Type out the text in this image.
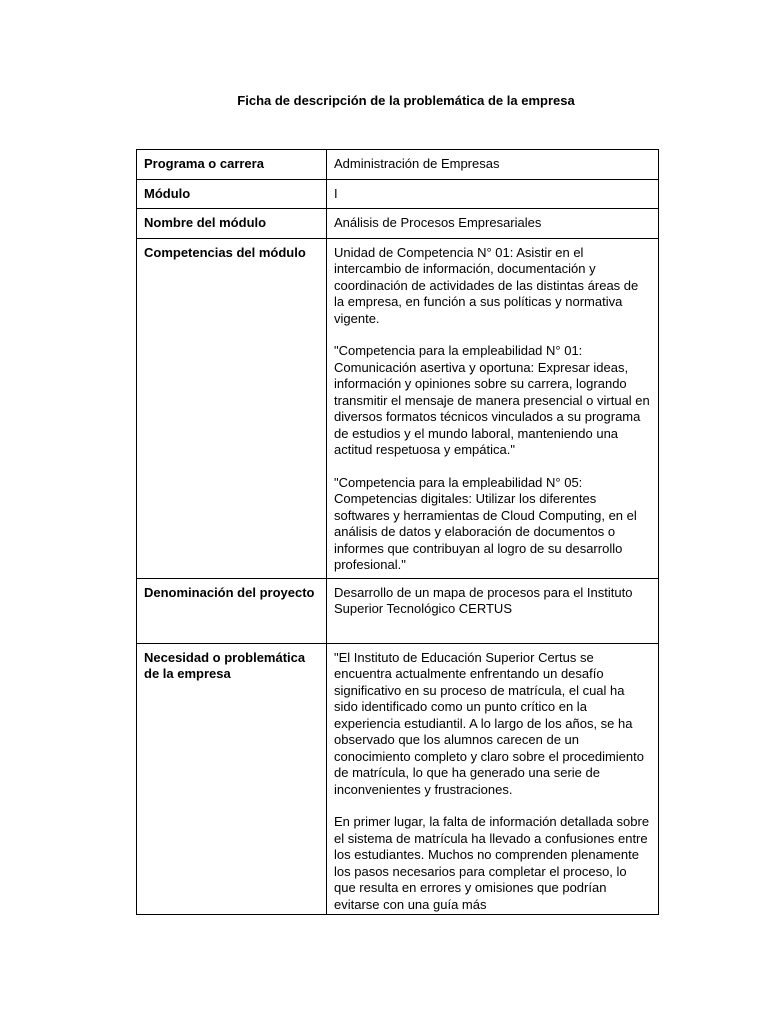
Ficha de descripción de la problemática de la empresa
Programa o carrera	Administración de Empresas
Módulo	I
Nombre del módulo	Análisis de Procesos Empresariales
Competencias del módulo	Unidad de Competencia N° 01: Asistir en el intercambio de información, documentación y coordinación de actividades de las distintas áreas de la empresa, en función a sus políticas y normativa vigente.

"Competencia para la empleabilidad N° 01: Comunicación asertiva y oportuna: Expresar ideas, información y opiniones sobre su carrera, logrando transmitir el mensaje de manera presencial o virtual en diversos formatos técnicos vinculados a su programa de estudios y el mundo laboral, manteniendo una actitud respetuosa y empática."

"Competencia para la empleabilidad N° 05: Competencias digitales: Utilizar los diferentes softwares y herramientas de Cloud Computing, en el análisis de datos y elaboración de documentos o informes que contribuyan al logro de su desarrollo profesional."

Denominación del proyecto	Desarrollo de un mapa de procesos para el Instituto Superior Tecnológico CERTUS
Necesidad o problemática de la empresa	"El Instituto de Educación Superior Certus se encuentra actualmente enfrentando un desafío significativo en su proceso de matrícula, el cual ha sido identificado como un punto crítico en la experiencia estudiantil. A lo largo de los años, se ha observado que los alumnos carecen de un conocimiento completo y claro sobre el procedimiento de matrícula, lo que ha generado una serie de inconvenientes y frustraciones.

En primer lugar, la falta de información detallada sobre el sistema de matrícula ha llevado a confusiones entre los estudiantes. Muchos no comprenden plenamente los pasos necesarios para completar el proceso, lo que resulta en errores y omisiones que podrían evitarse con una guía más
